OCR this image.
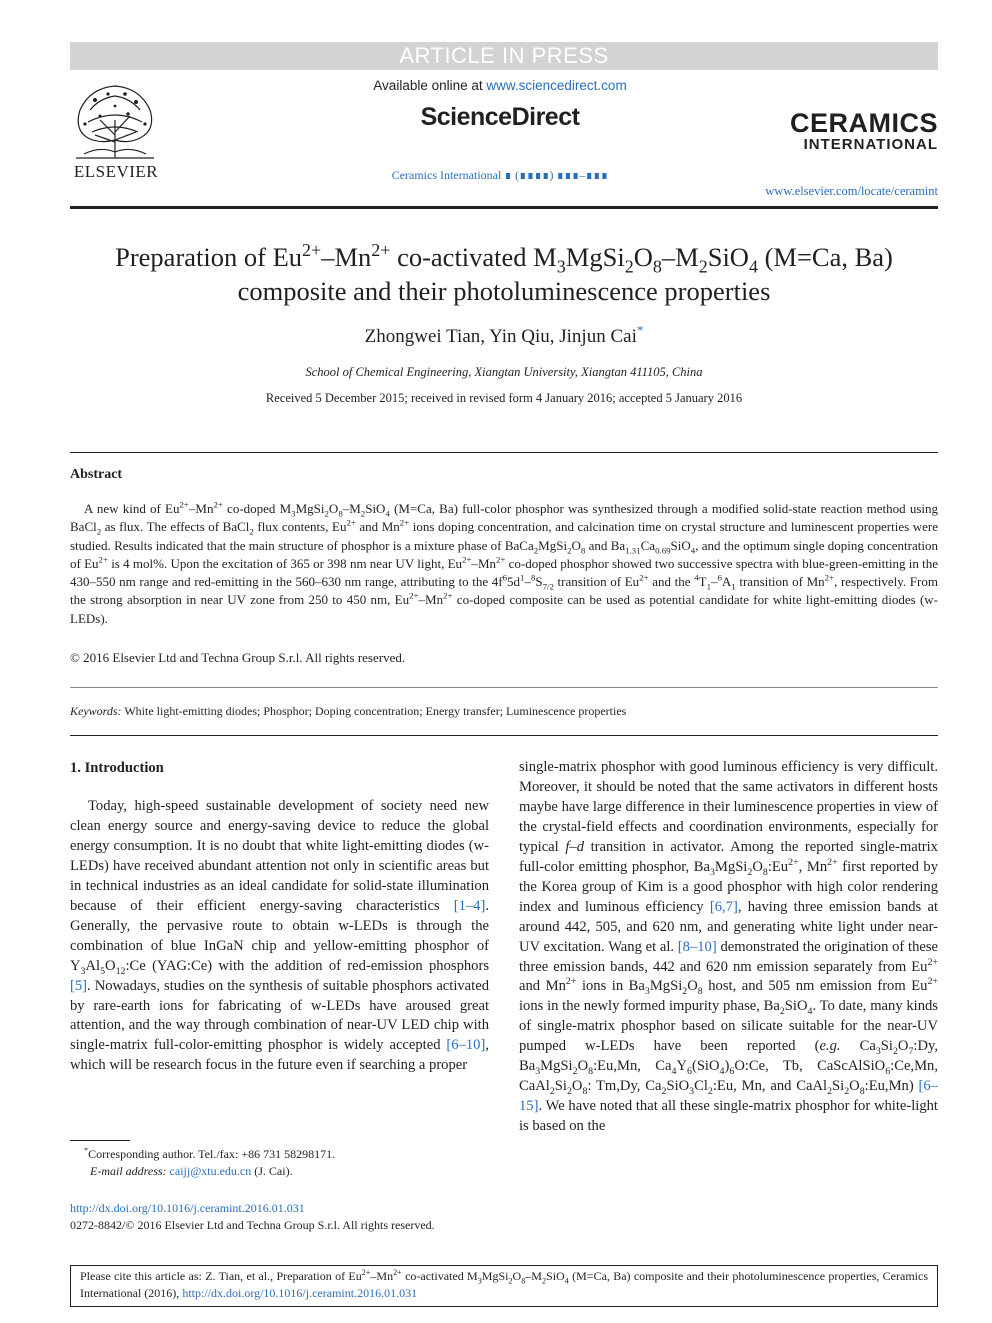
ARTICLE IN PRESS
ELSEVIER
Available online at www.sciencedirect.com
ScienceDirect
Ceramics International ∎ (∎∎∎∎) ∎∎∎–∎∎∎
CERAMICS
INTERNATIONAL
www.elsevier.com/locate/ceramint
Preparation of $Eu^{2+}-Mn^{2+}$ co-activated $M_3MgSi_2O_8-M_2SiO_4$ (M=Ca, Ba)
composite and their photoluminescence properties
Zhongwei Tian, Yin Qiu, Jinjun Cai*
School of Chemical Engineering, Xiangtan University, Xiangtan 411105, China
Received 5 December 2015; received in revised form 4 January 2016; accepted 5 January 2016
Abstract

A new kind of $Eu^{2+}-Mn^{2+}$ co-doped $M_3MgSi_2O_8-M_2SiO_4$ (M=Ca, Ba) full-color phosphor was synthesized through a modified solid-state reaction method using BaCl$_2$ as flux. The effects of BaCl$_2$ flux contents, $Eu^{2+}$ and $Mn^{2+}$ ions doping concentration, and calcination time on crystal structure and luminescent properties were studied. Results indicated that the main structure of phosphor is a mixture phase of $BaCa_2MgSi_2O_8$ and $Ba_{1.31}Ca_{0.69}SiO_4$, and the optimum single doping concentration of $Eu^{2+}$ is 4 mol%. Upon the excitation of 365 or 398 nm near UV light, $Eu^{2+}-Mn^{2+}$ co-doped phosphor showed two successive spectra with blue-green-emitting in the 430–550 nm range and red-emitting in the 560–630 nm range, attributing to the $4f^65d^1-^8S_{7/2}$ transition of $Eu^{2+}$ and the $^4T_1-^6A_1$ transition of $Mn^{2+}$, respectively. From the strong absorption in near UV zone from 250 to 450 nm, $Eu^{2+}-Mn^{2+}$ co-doped composite can be used as potential candidate for white light-emitting diodes (w-LEDs).

© 2016 Elsevier Ltd and Techna Group S.r.l. All rights reserved.
Keywords: White light-emitting diodes; Phosphor; Doping concentration; Energy transfer; Luminescence properties
1. Introduction

Today, high-speed sustainable development of society need new clean energy source and energy-saving device to reduce the global energy consumption. It is no doubt that white light-emitting diodes (w-LEDs) have received abundant attention not only in scientific areas but in technical industries as an ideal candidate for solid-state illumination because of their efficient energy-saving characteristics [1–4]. Generally, the pervasive route to obtain w-LEDs is through the combination of blue InGaN chip and yellow-emitting phosphor of $Y_3Al_5O_{12}:Ce$ (YAG:Ce) with the addition of red-emission phosphors [5]. Nowadays, studies on the synthesis of suitable phosphors activated by rare-earth ions for fabricating of w-LEDs have aroused great attention, and the way through combination of near-UV LED chip with single-matrix full-color-emitting phosphor is widely accepted [6–10], which will be research focus in the future even if searching a proper

single-matrix phosphor with good luminous efficiency is very difficult. Moreover, it should be noted that the same activators in different hosts maybe have large difference in their luminescence properties in view of the crystal-field effects and coordination environments, especially for typical f–d transition in activator. Among the reported single-matrix full-color emitting phosphor, $Ba_3MgSi_2O_8:Eu^{2+}$, $Mn^{2+}$ first reported by the Korea group of Kim is a good phosphor with high color rendering index and luminous efficiency [6,7], having three emission bands at around 442, 505, and 620 nm, and generating white light under near-UV excitation. Wang et al. [8–10] demonstrated the origination of these three emission bands, 442 and 620 nm emission separately from $Eu^{2+}$ and $Mn^{2+}$ ions in $Ba_3MgSi_2O_8$ host, and 505 nm emission from $Eu^{2+}$ ions in the newly formed impurity phase, $Ba_2SiO_4$. To date, many kinds of single-matrix phosphor based on silicate suitable for the near-UV pumped w-LEDs have been reported (e.g. $Ca_3Si_2O_7:Dy$, $Ba_3MgSi_2O_8:Eu,Mn$, $Ca_4Y_6(SiO_4)_6O:Ce$, Tb, CaScAlSiO$_6$:Ce,Mn, $CaAl_2Si_2O_8$: Tm,Dy, $Ca_2SiO_3Cl_2:Eu$, Mn, and $CaAl_2Si_2O_8:Eu,Mn$) [6–15]. We have noted that all these single-matrix phosphor for white-light is based on the

*Corresponding author. Tel./fax: +86 731 58298171.
E-mail address: caijj@xtu.edu.cn (J. Cai).
http://dx.doi.org/10.1016/j.ceramint.2016.01.031
0272-8842/© 2016 Elsevier Ltd and Techna Group S.r.l. All rights reserved.
Please cite this article as: Z. Tian, et al., Preparation of $Eu^{2+}-Mn^{2+}$ co-activated $M_3MgSi_2O_8-M_2SiO_4$ (M=Ca, Ba) composite and their photoluminescence properties, Ceramics International (2016), http://dx.doi.org/10.1016/j.ceramint.2016.01.031
